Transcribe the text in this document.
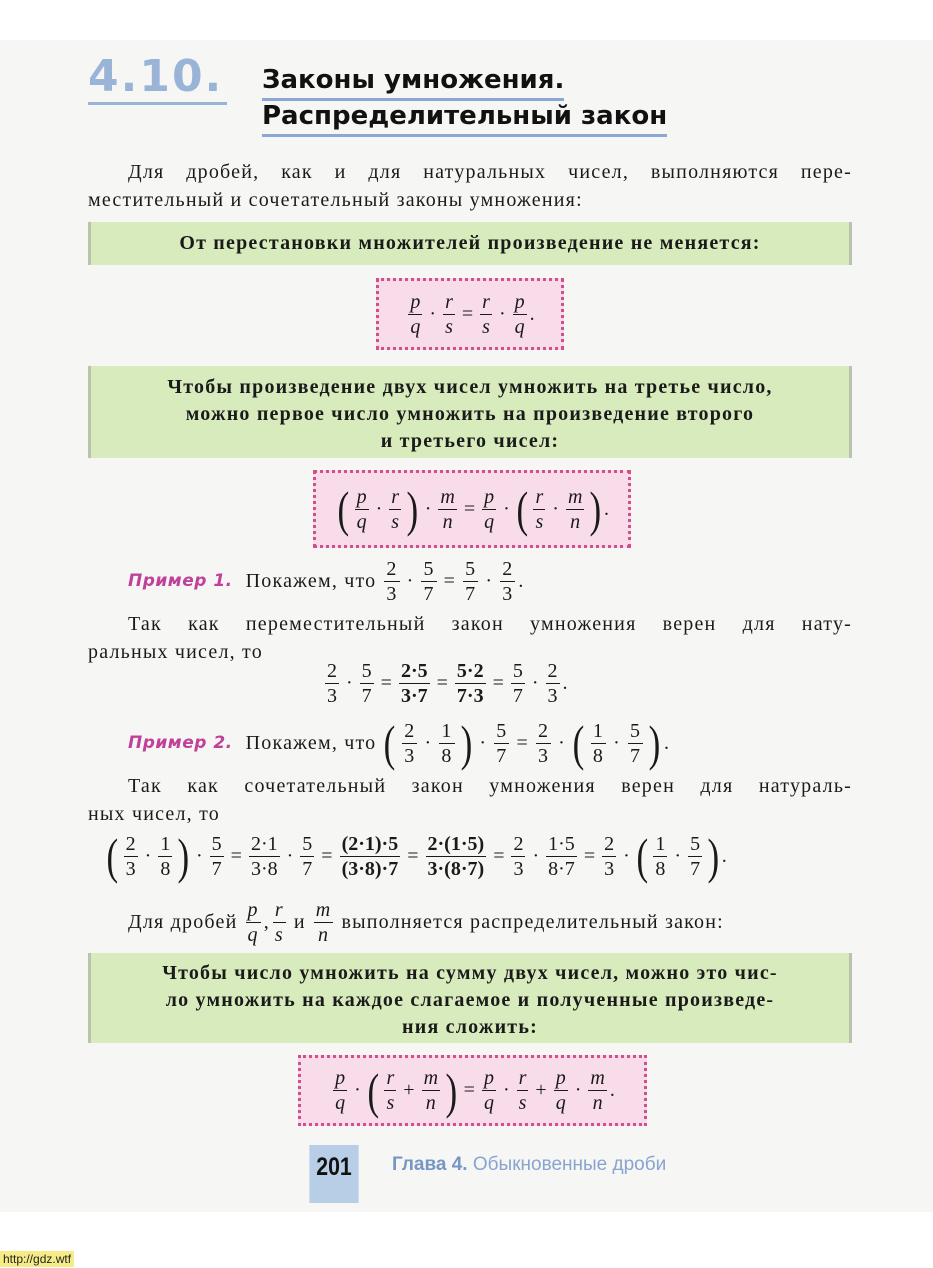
4.10. Законы умножения.
Распределительный закон
Для дробей, как и для натуральных чисел, выполняются пере-
местительный и сочетательный законы умножения:
От перестановки множителей произведение не меняется:
$\frac{p}{q} \cdot \frac{r}{s} = \frac{r}{s} \cdot \frac{p}{q}$ .
Чтобы произведение двух чисел умножить на третье число,
можно первое число умножить на произведение второго
и третьего чисел:
( $\frac{p}{q} \cdot \frac{r}{s}$ ) · $\frac{m}{n} = \frac{p}{q}$ · ( $\frac{r}{s} \cdot \frac{m}{n}$ ) .
Пример 1. Покажем, что $\frac{2}{3} \cdot \frac{5}{7} = \frac{5}{7} \cdot \frac{2}{3}$ .
Так как переместительный закон умножения верен для нату-
ральных чисел, то
$\frac{2}{3} \cdot \frac{5}{7} = \frac{2\cdot 5}{3\cdot 7} = \frac{5\cdot 2}{7\cdot 3} = \frac{5}{7} \cdot \frac{2}{3}$ .
Пример 2. Покажем, что ( $\frac{2}{3} \cdot \frac{1}{8}$ ) · $\frac{5}{7} = \frac{2}{3}$ · ( $\frac{1}{8} \cdot \frac{5}{7}$ ) .
Так как сочетательный закон умножения верен для натураль-
ных чисел, то
( $\frac{2}{3} \cdot \frac{1}{8}$ ) · $\frac{5}{7} = \frac{2\cdot 1}{3\cdot 8} \cdot \frac{5}{7} = \frac{(2\cdot 1)\cdot 5}{(3\cdot 8)\cdot 7} = \frac{2\cdot(1\cdot 5)}{3\cdot(8\cdot 7)} = \frac{2}{3} \cdot \frac{1\cdot 5}{8\cdot 7} = \frac{2}{3}$ · ( $\frac{1}{8} \cdot \frac{5}{7}$ ) .
Для дробей $\frac{p}{q}$ , $\frac{r}{s}$ и $\frac{m}{n}$ выполняется распределительный закон:
Чтобы число умножить на сумму двух чисел, можно это чис-
ло умножить на каждое слагаемое и полученные произведе-
ния сложить:
$\frac{p}{q}$ · ( $\frac{r}{s} + \frac{m}{n}$ ) = $\frac{p}{q} \cdot \frac{r}{s} + \frac{p}{q} \cdot \frac{m}{n}$ .
201	Глава 4. Обыкновенные дроби
http://gdz.wtf
